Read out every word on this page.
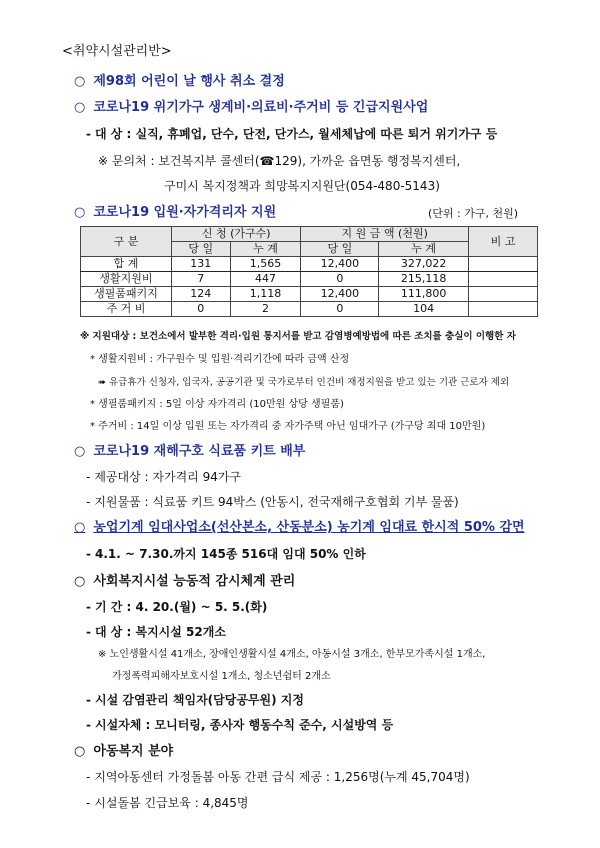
<취약시설관리반>
○ 제98회 어린이 날 행사 취소 결정
○ 코로나19 위기가구 생계비·의료비·주거비 등 긴급지원사업
- 대 상 : 실직, 휴폐업, 단수, 단전, 단가스, 월세체납에 따른 퇴거 위기가구 등
※ 문의처 : 보건복지부 콜센터(☎129), 가까운 읍면동 행정복지센터,
구미시 복지정책과 희망복지지원단(054-480-5143)
○ 코로나19 입원·자가격리자 지원	(단위 : 가구, 천원)
구 분	신 청 (가구수)		지 원 금 액 (천원)		비 고
	당 일	누 계	당 일	누 계	
합 계	131	1,565	12,400	327,022	
생활지원비	7	447	0	215,118	
생필품패키지	124	1,118	12,400	111,800	
주 거 비	0	2	0	104	
※ 지원대상 : 보건소에서 발부한 격리·입원 통지서를 받고 감염병예방법에 따른 조치를 충실이 이행한 자
* 생활지원비 : 가구원수 및 입원·격리기간에 따라 금액 산정
➠ 유급휴가 신청자, 입국자, 공공기관 및 국가로부터 인건비 재정지원을 받고 있는 기관 근로자 제외
* 생필품패키지 : 5일 이상 자가격리 (10만원 상당 생필품)
* 주거비 : 14일 이상 입원 또는 자가격리 중 자가주택 아닌 임대가구 (가구당 최대 10만원)
○ 코로나19 재해구호 식료품 키트 배부
- 제공대상 : 자가격리 94가구
- 지원물품 : 식료품 키트 94박스 (안동시, 전국재해구호협회 기부 물품)
○ 농업기계 임대사업소(선산본소, 산동분소) 농기계 임대료 한시적 50% 감면
- 4.1. ~ 7.30.까지 145종 516대 임대 50% 인하
○ 사회복지시설 능동적 감시체계 관리
- 기 간 : 4. 20.(월) ~ 5. 5.(화)
- 대 상 : 복지시설 52개소
※ 노인생활시설 41개소, 장애인생활시설 4개소, 아동시설 3개소, 한부모가족시설 1개소,
가정폭력피해자보호시설 1개소, 청소년쉼터 2개소
- 시설 감염관리 책임자(담당공무원) 지정
- 시설자체 : 모니터링, 종사자 행동수칙 준수, 시설방역 등
○ 아동복지 분야
- 지역아동센터 가정돌봄 아동 간편 급식 제공 : 1,256명(누계 45,704명)
- 시설돌봄 긴급보육 : 4,845명
